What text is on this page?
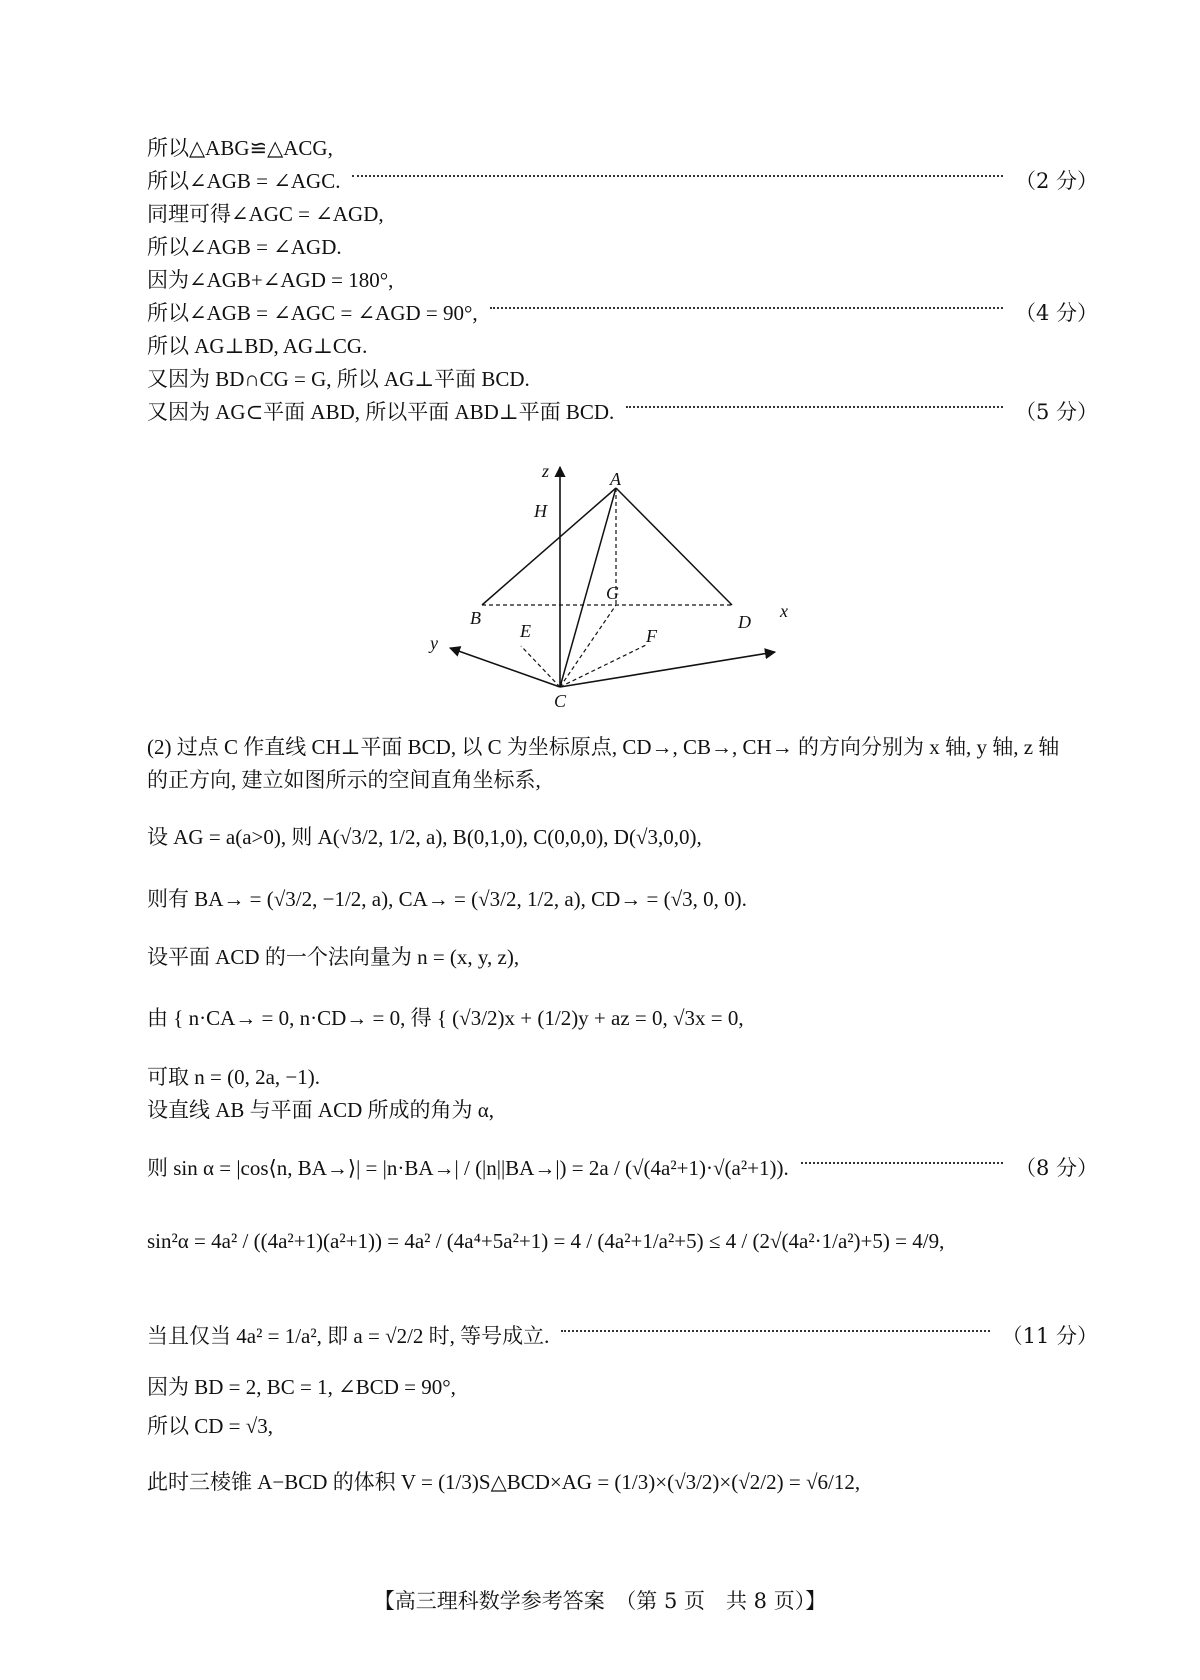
所以△ABG≌△ACG,
所以∠AGB = ∠AGC.	（2 分）
同理可得∠AGC = ∠AGD,
所以∠AGB = ∠AGD.
因为∠AGB+∠AGD = 180°,
所以∠AGB = ∠AGC = ∠AGD = 90°,	（4 分）
所以 AG⊥BD, AG⊥CG.
又因为 BD∩CG = G, 所以 AG⊥平面 BCD.
又因为 AG⊂平面 ABD, 所以平面 ABD⊥平面 BCD.	（5 分）
z
H
A
G
y
B
E
C
F
D
x
(2) 过点 C 作直线 CH⊥平面 BCD, 以 C 为坐标原点, CD→, CB→, CH→ 的方向分别为 x 轴, y 轴, z 轴
的正方向, 建立如图所示的空间直角坐标系,
设 AG = a(a>0), 则 A(√3/2, 1/2, a), B(0,1,0), C(0,0,0), D(√3,0,0),
则有 BA→ = (√3/2, −1/2, a), CA→ = (√3/2, 1/2, a), CD→ = (√3, 0, 0).
设平面 ACD 的一个法向量为 n = (x, y, z),
由 { n·CA→ = 0, n·CD→ = 0, 得 { (√3/2)x + (1/2)y + az = 0, √3x = 0,
可取 n = (0, 2a, −1).
设直线 AB 与平面 ACD 所成的角为 α,
则 sin α = |cos⟨n, BA→⟩| = |n·BA→| / (|n||BA→|) = 2a / (√(4a²+1)·√(a²+1)).	（8 分）
sin²α = 4a² / ((4a²+1)(a²+1)) = 4a² / (4a⁴+5a²+1) = 4 / (4a²+1/a²+5) ≤ 4 / (2√(4a²·1/a²)+5) = 4/9,
当且仅当 4a² = 1/a², 即 a = √2/2 时, 等号成立.	（11 分）
因为 BD = 2, BC = 1, ∠BCD = 90°,
所以 CD = √3,
此时三棱锥 A−BCD 的体积 V = (1/3)S△BCD×AG = (1/3)×(√3/2)×(√2/2) = √6/12,
【高三理科数学参考答案　（第 5 页　共 8 页）】
